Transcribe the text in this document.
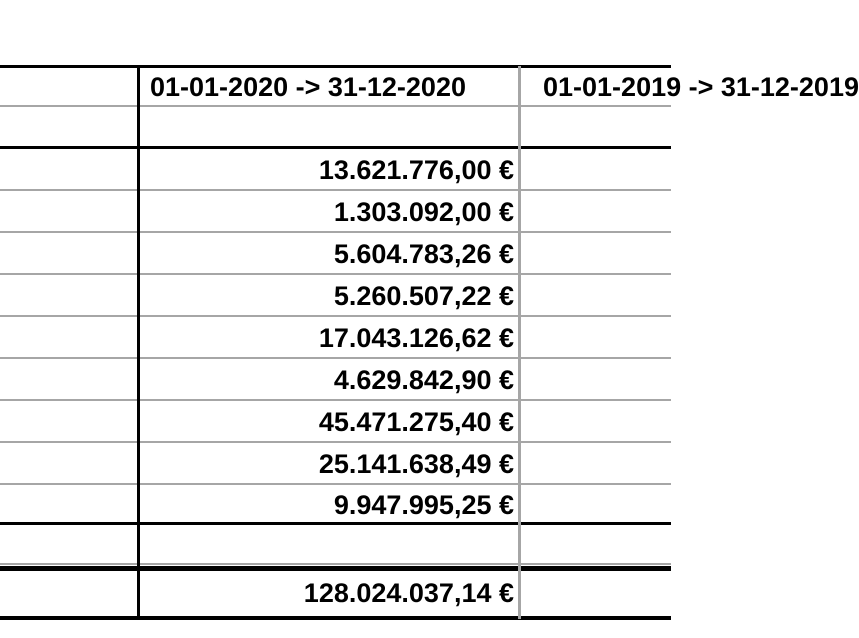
01-01-2020 -> 31-12-2020	01-01-2019 -> 31-12-2019
13.621.776,00 €
1.303.092,00 €
5.604.783,26 €
5.260.507,22 €
17.043.126,62 €
4.629.842,90 €
45.471.275,40 €
25.141.638,49 €
9.947.995,25 €
128.024.037,14 €
